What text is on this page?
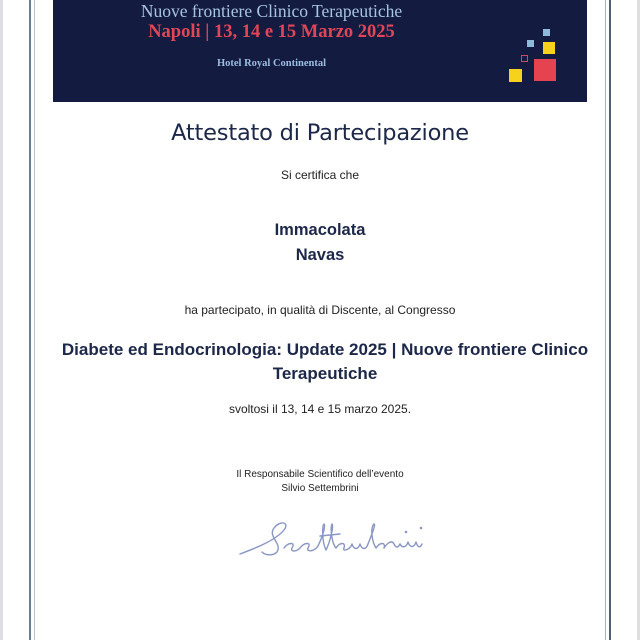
Nuove frontiere Clinico Terapeutiche
Napoli | 13, 14 e 15 Marzo 2025
Hotel Royal Continental
Attestato di Partecipazione
Si certifica che
Immacolata
Navas
ha partecipato, in qualità di Discente, al Congresso
Diabete ed Endocrinologia: Update 2025 | Nuove frontiere Clinico Terapeutiche
svoltosi il 13, 14 e 15 marzo 2025.
Il Responsabile Scientifico dell’evento
Silvio Settembrini
